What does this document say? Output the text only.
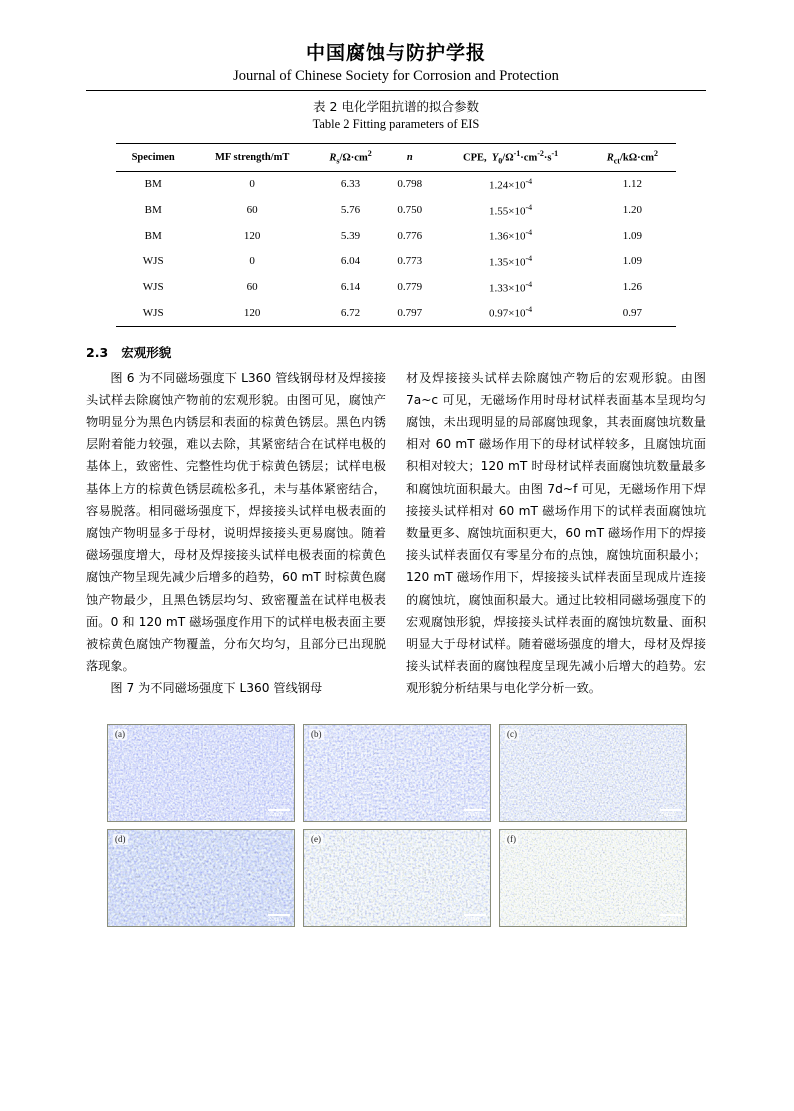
中国腐蚀与防护学报
Journal of Chinese Society for Corrosion and Protection
表 2 电化学阻抗谱的拟合参数
Table 2 Fitting parameters of EIS
Specimen	MF strength/mT	$R_s/\Omega\cdot cm^2$	n	CPE,  $Y_0/\Omega^{-1}\cdot cm^{-2}\cdot s^{-1}$	$R_{ct}/k\Omega\cdot cm^2$
BM	0	6.33	0.798	$1.24\times 10^{-4}$	1.12
BM	60	5.76	0.750	$1.55\times 10^{-4}$	1.20
BM	120	5.39	0.776	$1.36\times 10^{-4}$	1.09
WJS	0	6.04	0.773	$1.35\times 10^{-4}$	1.09
WJS	60	6.14	0.779	$1.33\times 10^{-4}$	1.26
WJS	120	6.72	0.797	$0.97\times 10^{-4}$	0.97
2.3 宏观形貌

图 6 为不同磁场强度下 L360 管线钢母材及焊接接头试样去除腐蚀产物前的宏观形貌。由图可见，腐蚀产物明显分为黑色内锈层和表面的棕黄色锈层。黑色内锈层附着能力较强，难以去除，其紧密结合在试样电极的基体上，致密性、完整性均优于棕黄色锈层；试样电极基体上方的棕黄色锈层疏松多孔，未与基体紧密结合，容易脱落。相同磁场强度下，焊接接头试样电极表面的腐蚀产物明显多于母材，说明焊接接头更易腐蚀。随着磁场强度增大，母材及焊接接头试样电极表面的棕黄色腐蚀产物呈现先减少后增多的趋势，60 mT 时棕黄色腐蚀产物最少，且黑色锈层均匀、致密覆盖在试样电极表面。0 和 120 mT 磁场强度作用下的试样电极表面主要被棕黄色腐蚀产物覆盖，分布欠均匀，且部分已出现脱落现象。

图 7 为不同磁场强度下 L360 管线钢母

材及焊接接头试样去除腐蚀产物后的宏观形貌。由图 7a~c 可见，无磁场作用时母材试样表面基本呈现均匀腐蚀，未出现明显的局部腐蚀现象，其表面腐蚀坑数量相对 60 mT 磁场作用下的母材试样较多，且腐蚀坑面积相对较大；120 mT 时母材试样表面腐蚀坑数量最多和腐蚀坑面积最大。由图 7d~f 可见，无磁场作用下焊接接头试样相对 60 mT 磁场作用下的试样表面腐蚀坑数量更多、腐蚀坑面积更大，60 mT 磁场作用下的焊接接头试样表面仅有零星分布的点蚀，腐蚀坑面积最小；120 mT 磁场作用下，焊接接头试样表面呈现成片连接的腐蚀坑，腐蚀面积最大。通过比较相同磁场强度下的宏观腐蚀形貌，焊接接头试样表面的腐蚀坑数量、面积明显大于母材试样。随着磁场强度的增大，母材及焊接接头试样表面的腐蚀程度呈现先减小后增大的趋势。宏观形貌分析结果与电化学分析一致。

(a)
20μm
(b)
20μm
(c)
20μm
(d)
20μm
(e)
20μm
(f)
20μm
